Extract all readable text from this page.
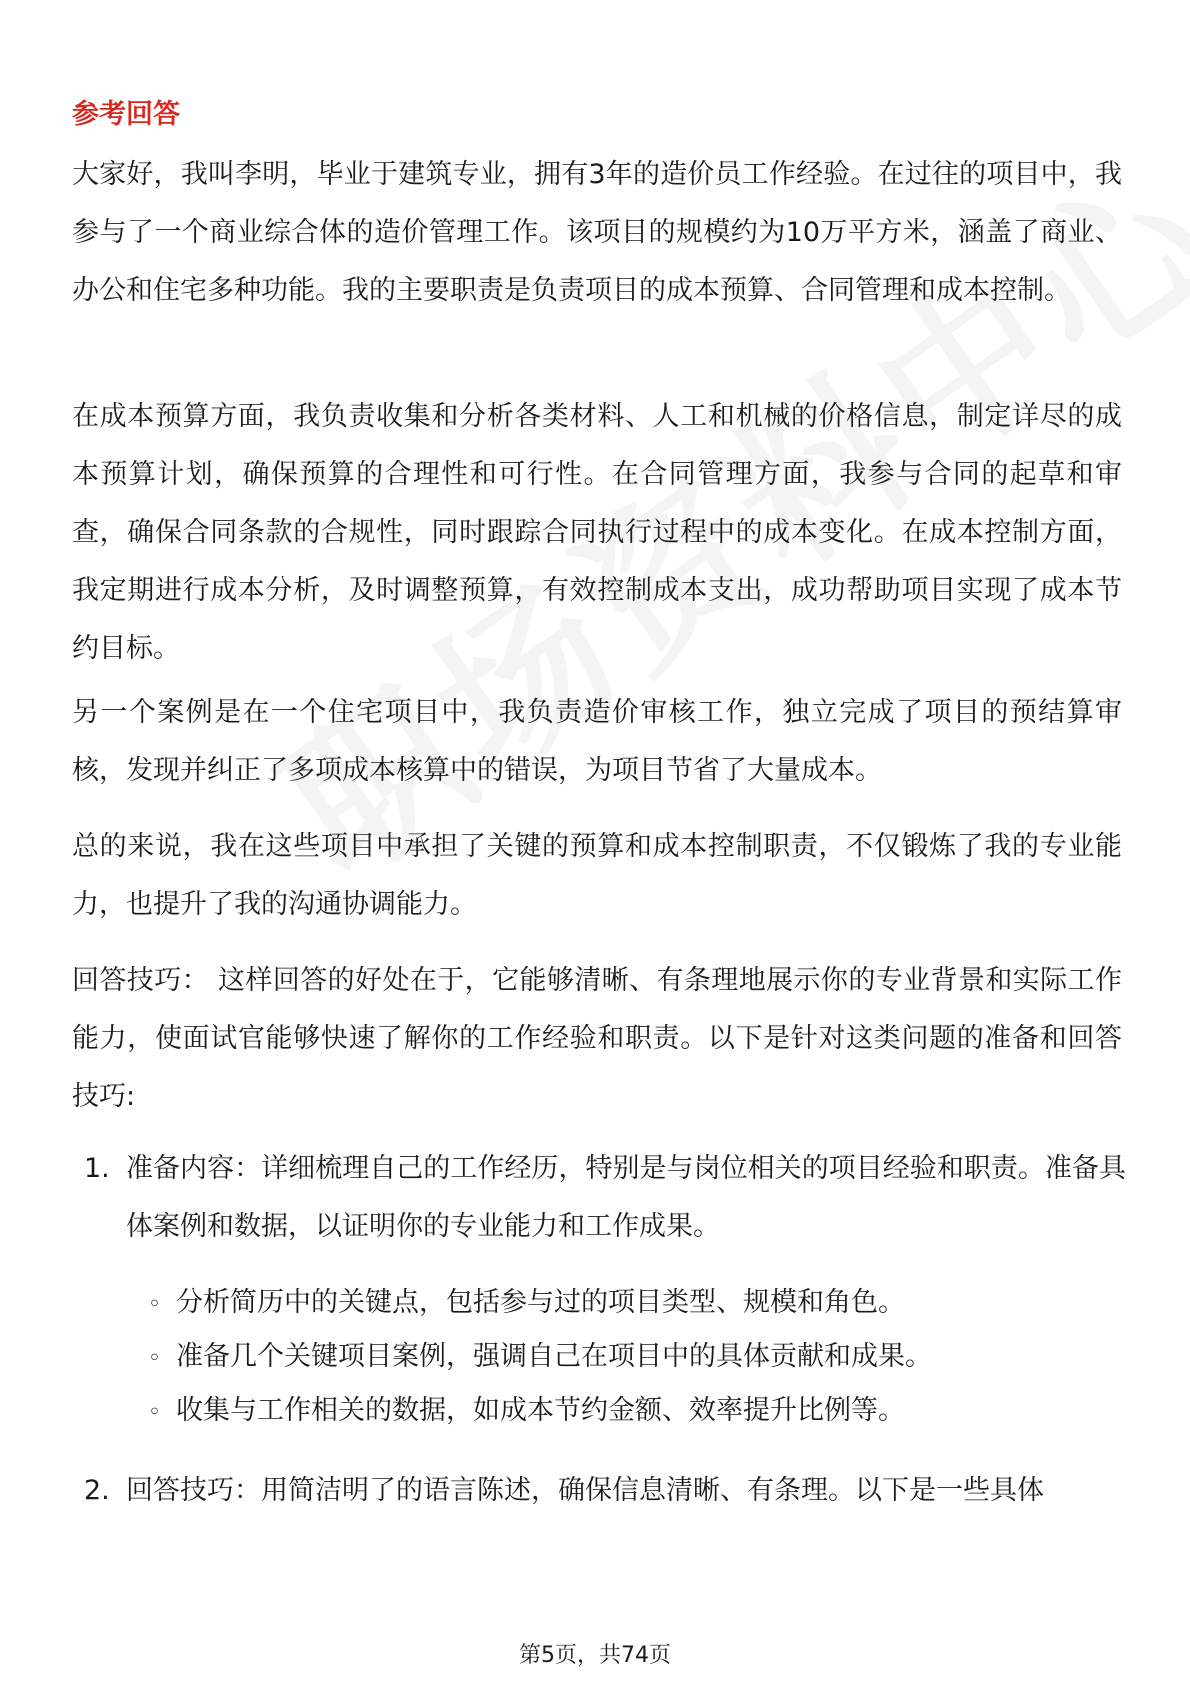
参考回答

大家好，我叫李明，毕业于建筑专业，拥有3年的造价员工作经验。在过往的项目中，我参与了一个商业综合体的造价管理工作。该项目的规模约为10万平方米，涵盖了商业、办公和住宅多种功能。我的主要职责是负责项目的成本预算、合同管理和成本控制。

在成本预算方面，我负责收集和分析各类材料、人工和机械的价格信息，制定详尽的成本预算计划，确保预算的合理性和可行性。在合同管理方面，我参与合同的起草和审查，确保合同条款的合规性，同时跟踪合同执行过程中的成本变化。在成本控制方面，我定期进行成本分析，及时调整预算，有效控制成本支出，成功帮助项目实现了成本节约目标。

另一个案例是在一个住宅项目中，我负责造价审核工作，独立完成了项目的预结算审核，发现并纠正了多项成本核算中的错误，为项目节省了大量成本。

总的来说，我在这些项目中承担了关键的预算和成本控制职责，不仅锻炼了我的专业能力，也提升了我的沟通协调能力。

回答技巧： 这样回答的好处在于，它能够清晰、有条理地展示你的专业背景和实际工作能力，使面试官能够快速了解你的工作经验和职责。以下是针对这类问题的准备和回答技巧:

1. 准备内容：详细梳理自己的工作经历，特别是与岗位相关的项目经验和职责。准备具体案例和数据，以证明你的专业能力和工作成果。
◦ 分析简历中的关键点，包括参与过的项目类型、规模和角色。
◦ 准备几个关键项目案例，强调自己在项目中的具体贡献和成果。
◦ 收集与工作相关的数据，如成本节约金额、效率提升比例等。
2. 回答技巧：用简洁明了的语言陈述，确保信息清晰、有条理。以下是一些具体
第5页，共74页
